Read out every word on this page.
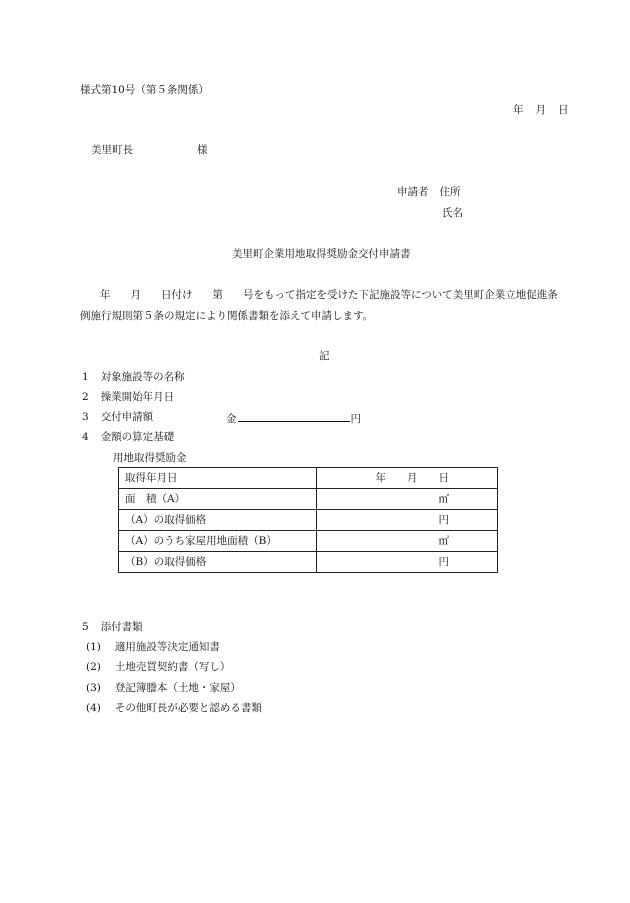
様式第10号（第５条関係）
年 月 日
美里町長	様
申請者 住所
氏名
美里町企業用地取得奨励金交付申請書
年 月 日付け 第 号をもって指定を受けた下記施設等について美里町企業立地促進条
例施行規則第５条の規定により関係書類を添えて申請します。
記
1 対象施設等の名称
2 操業開始年月日
3 交付申請額	金	円
4 金額の算定基礎
用地取得奨励金
取得年月日	年　　月　　日
面　積（A）	㎡
（A）の取得価格	円
（A）のうち家屋用地面積（B）	㎡
（B）の取得価格	円
5 添付書類
(1) 適用施設等決定通知書
(2) 土地売買契約書（写し）
(3) 登記簿謄本（土地・家屋）
(4) その他町長が必要と認める書類
